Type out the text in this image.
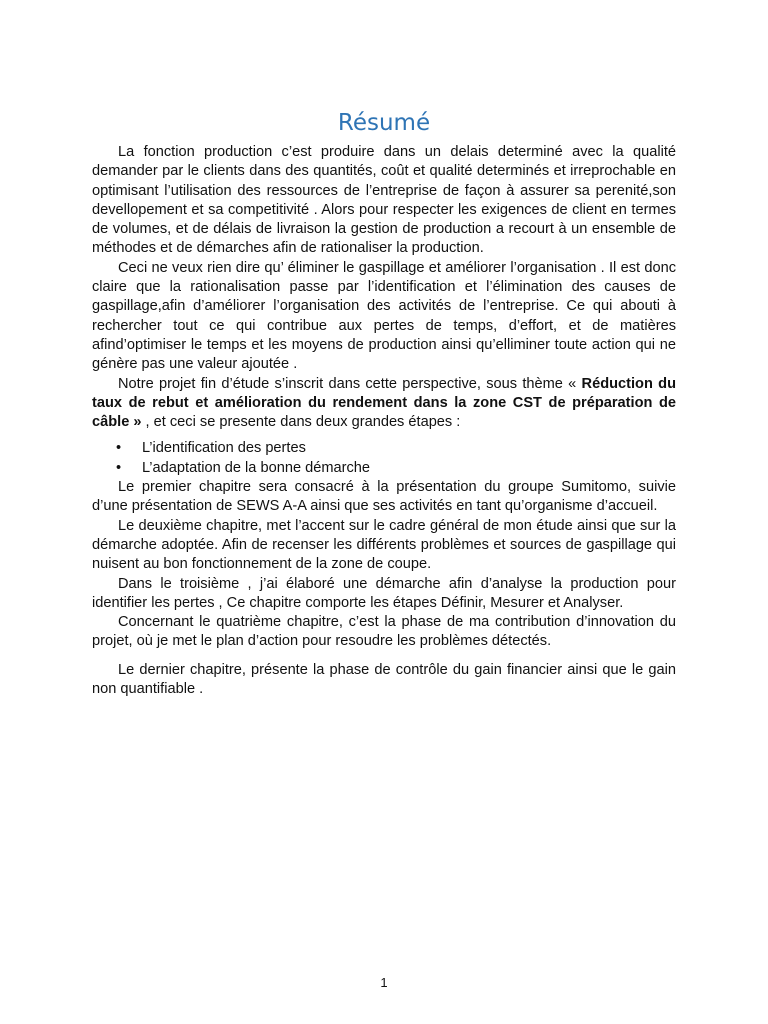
Résumé

La fonction production c’est produire dans un delais determiné avec la qualité demander par le clients dans des quantités, coût et qualité determinés et irreprochable en optimisant l’utilisation des ressources de l’entreprise de façon à assurer sa perenité,son devellopement et sa competitivité . Alors pour respecter les exigences de client en termes de volumes, et de délais de livraison la gestion de production a recourt à un ensemble de méthodes et de démarches afin de rationaliser la production.

Ceci ne veux rien dire qu’ éliminer le gaspillage et améliorer l’organisation . Il est donc claire que la rationalisation passe par l’identification et l’élimination des causes de gaspillage,afin d’améliorer l’organisation des activités de l’entreprise. Ce qui abouti à rechercher tout ce qui contribue aux pertes de temps, d’effort, et de matières afind’optimiser le temps et les moyens de production ainsi qu’elliminer toute action qui ne génère pas une valeur ajoutée .

Notre projet fin d’étude s’inscrit dans cette perspective, sous thème « Réduction du taux de rebut et amélioration du rendement dans la zone CST de préparation de câble » , et ceci se presente dans deux grandes étapes :

• L’identification des pertes
• L’adaptation de la bonne démarche

Le premier chapitre sera consacré à la présentation du groupe Sumitomo, suivie d’une présentation de SEWS A-A ainsi que ses activités en tant qu’organisme d’accueil.

Le deuxième chapitre, met l’accent sur le cadre général de mon étude ainsi que sur la démarche adoptée. Afin de recenser les différents problèmes et sources de gaspillage qui nuisent au bon fonctionnement de la zone de coupe.

Dans le troisième , j’ai élaboré une démarche afin d’analyse la production pour identifier les pertes , Ce chapitre comporte les étapes Définir, Mesurer et Analyser.

Concernant le quatrième chapitre, c’est la phase de ma contribution d’innovation du projet, où je met le plan d’action pour resoudre les problèmes détectés.

Le dernier chapitre, présente la phase de contrôle du gain financier ainsi que le gain non quantifiable .

1
